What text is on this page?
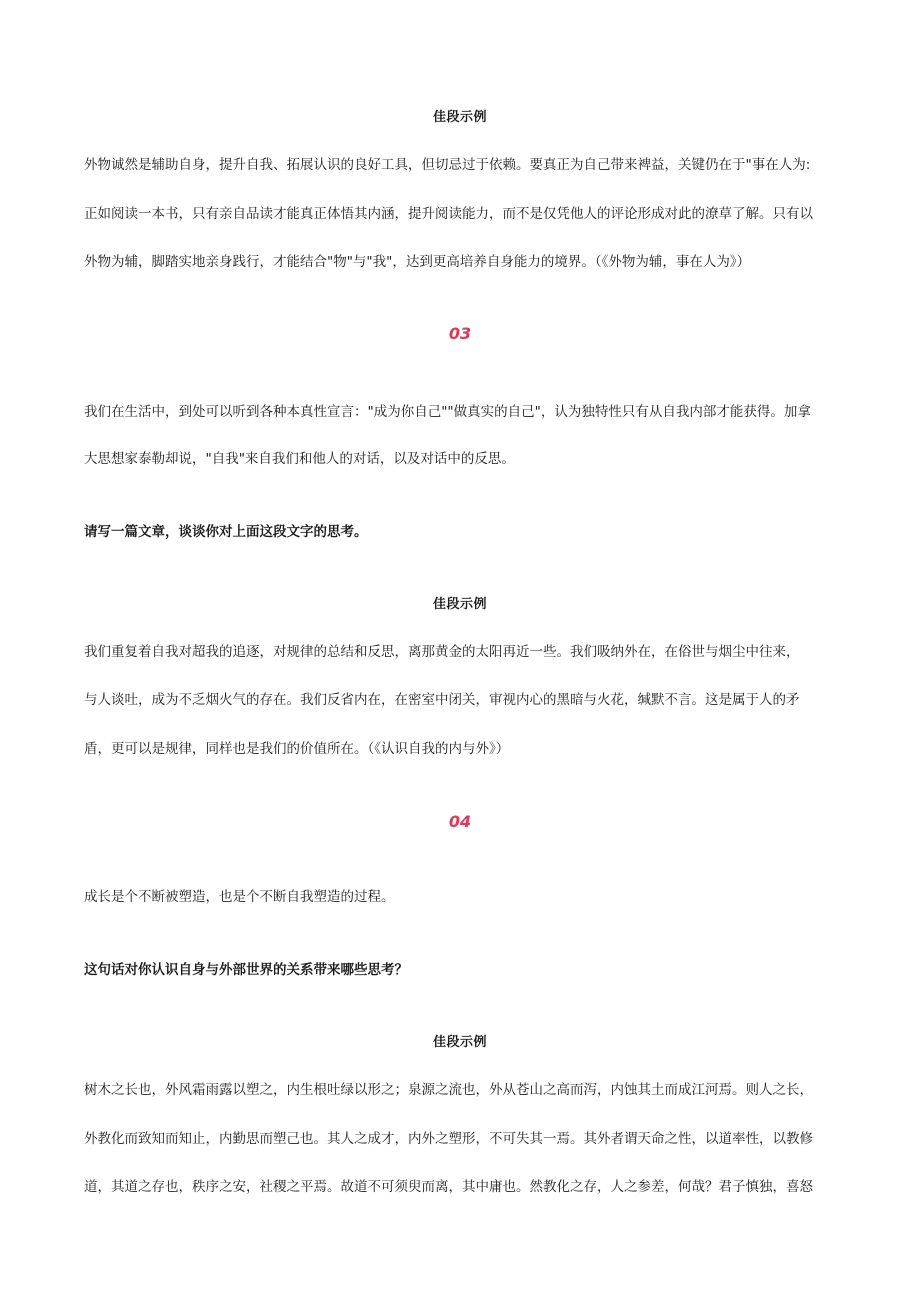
佳段示例
外物诚然是辅助自身，提升自我、拓展认识的良好工具，但切忌过于依赖。要真正为自己带来裨益，关键仍在于"事在人为:
正如阅读一本书，只有亲自品读才能真正体悟其内涵，提升阅读能力，而不是仅凭他人的评论形成对此的潦草了解。只有以
外物为辅，脚踏实地亲身践行，才能结合"物"与"我"，达到更高培养自身能力的境界。（《外物为辅，事在人为》）
03
我们在生活中，到处可以听到各种本真性宣言："成为你自己""做真实的自己"，认为独特性只有从自我内部才能获得。加拿
大思想家泰勒却说，"自我"来自我们和他人的对话，以及对话中的反思。
请写一篇文章，谈谈你对上面这段文字的思考。
佳段示例
我们重复着自我对超我的追逐，对规律的总结和反思，离那黄金的太阳再近一些。我们吸纳外在，在俗世与烟尘中往来，
与人谈吐，成为不乏烟火气的存在。我们反省内在，在密室中闭关，审视内心的黑暗与火花，缄默不言。这是属于人的矛
盾，更可以是规律，同样也是我们的价值所在。（《认识自我的内与外》）
04
成长是个不断被塑造，也是个不断自我塑造的过程。
这句话对你认识自身与外部世界的关系带来哪些思考？
佳段示例
树木之长也，外风霜雨露以塑之，内生根吐绿以形之；泉源之流也，外从苍山之高而泻，内蚀其土而成江河焉。则人之长，
外教化而致知而知止，内勤思而塑己也。其人之成才，内外之塑形，不可失其一焉。其外者谓天命之性，以道率性，以教修
道，其道之存也，秩序之安，社稷之平焉。故道不可须臾而离，其中庸也。然教化之存，人之参差，何哉？君子慎独，喜怒
